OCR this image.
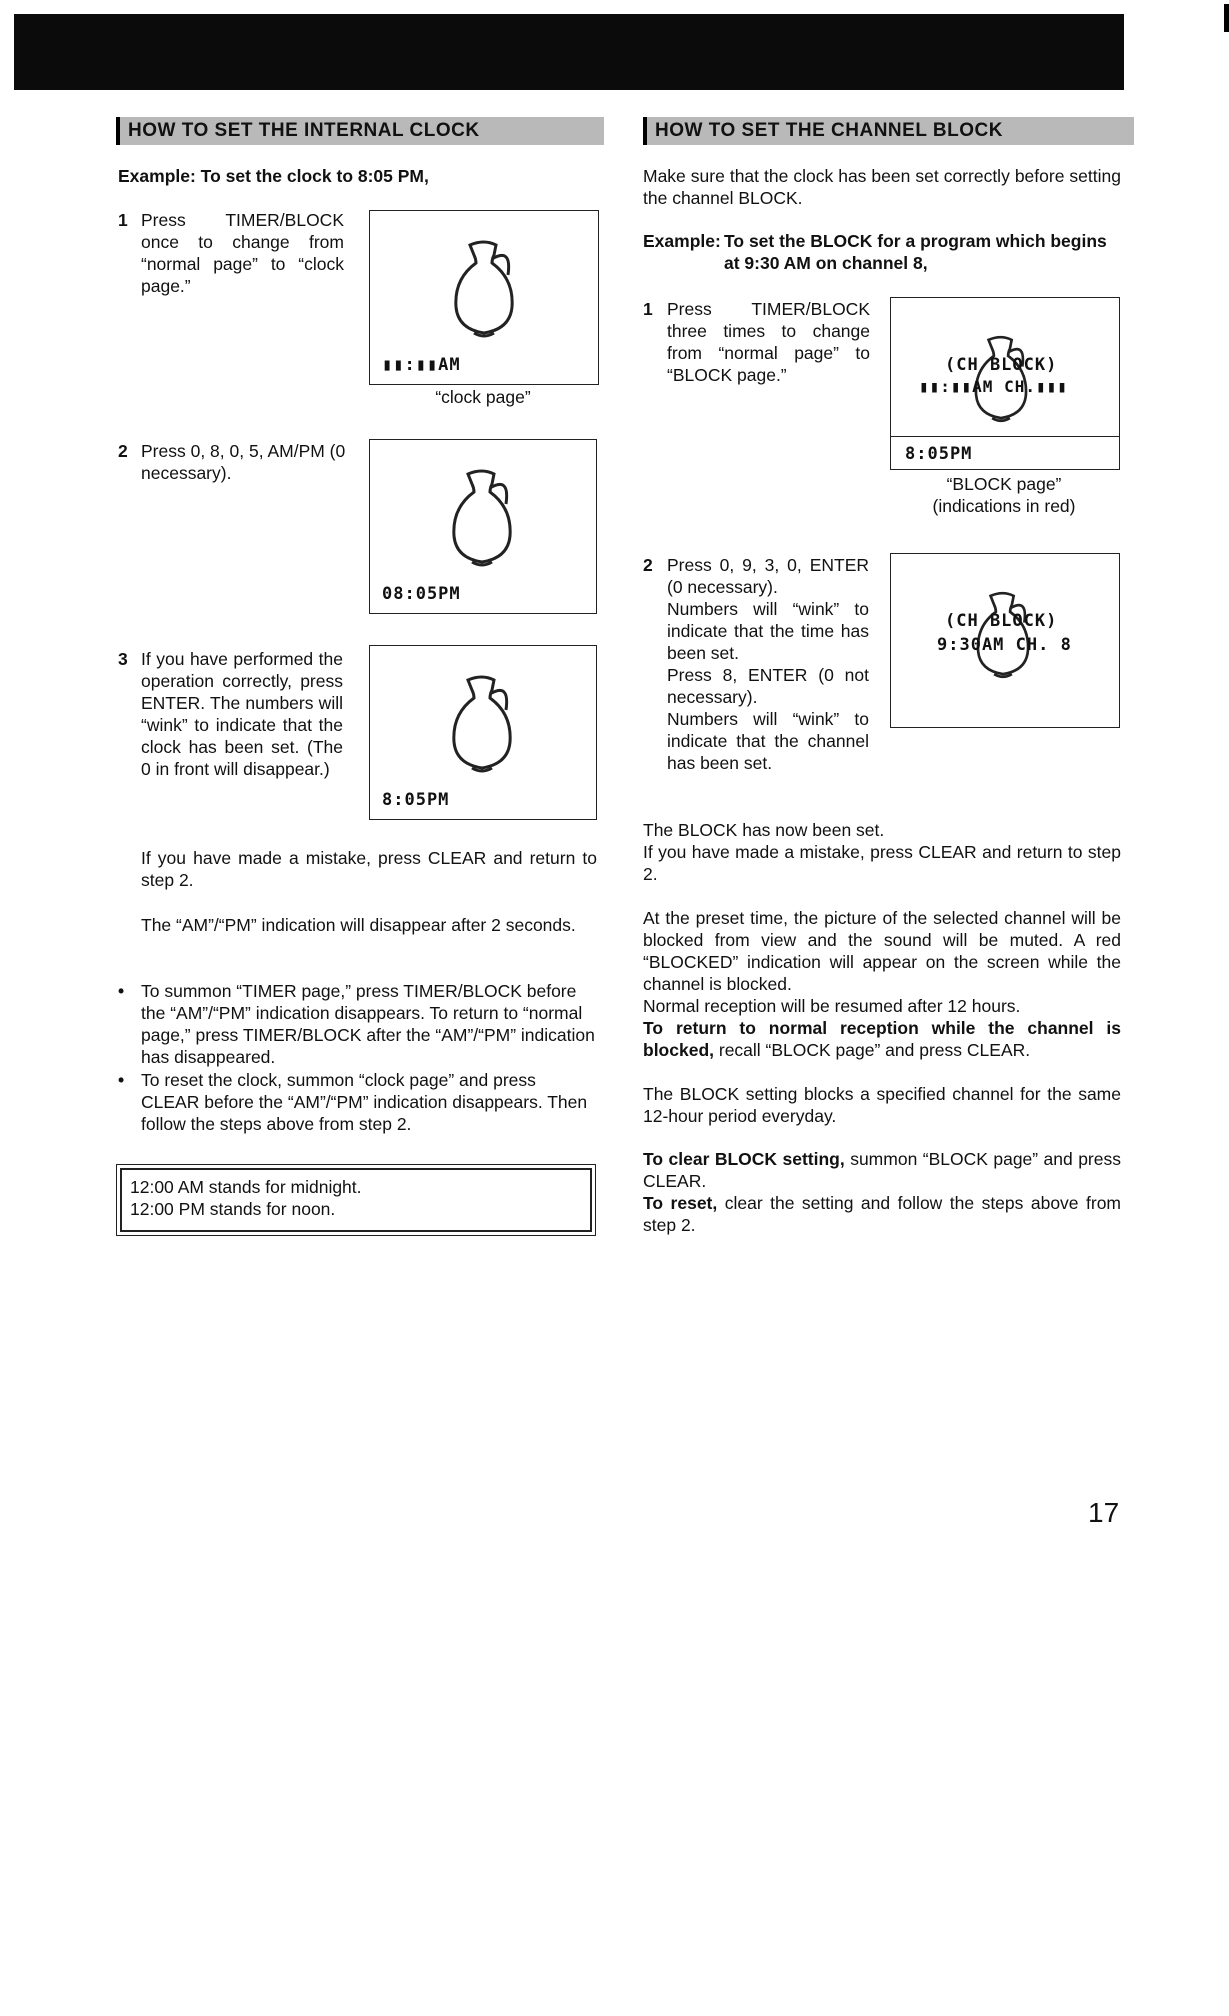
HOW TO SET THE INTERNAL CLOCK
Example: To set the clock to 8:05 PM,
1 Press TIMER/BLOCK once to change from “normal page” to “clock page.”
▮▮:▮▮AM
“clock page”
2 Press 0, 8, 0, 5, AM/PM (0 necessary).
08:05PM
3 If you have performed the operation correctly, press ENTER. The numbers will “wink” to indicate that the clock has been set. (The 0 in front will disappear.)
8:05PM
If you have made a mistake, press CLEAR and return to step 2.
The “AM”/“PM” indication will disappear after 2 seconds.
• To summon “TIMER page,” press TIMER/BLOCK before the “AM”/“PM” indication disappears. To return to “normal page,” press TIMER/BLOCK after the “AM”/“PM” indication has disappeared.
• To reset the clock, summon “clock page” and press CLEAR before the “AM”/“PM” indication disappears. Then follow the steps above from step 2.
12:00 AM stands for midnight.
12:00 PM stands for noon.
HOW TO SET THE CHANNEL BLOCK
Make sure that the clock has been set correctly before setting the channel BLOCK.
Example: To set the BLOCK for a program which begins at 9:30 AM on channel 8,
1 Press TIMER/BLOCK three times to change from “normal page” to “BLOCK page.”	(CH BLOCK)
▮▮:▮▮AM CH.▮▮▮
8:05PM
“BLOCK page”
(indications in red)
2 Press 0, 9, 3, 0, ENTER (0 necessary).
Numbers will “wink” to indicate that the time has been set.
Press 8, ENTER (0 not necessary).
Numbers will “wink” to indicate that the channel has been set.
(CH BLOCK)
9:30AM CH. 8
The BLOCK has now been set.
If you have made a mistake, press CLEAR and return to step 2.
At the preset time, the picture of the selected channel will be blocked from view and the sound will be muted. A red “BLOCKED” indication will appear on the screen while the channel is blocked.
Normal reception will be resumed after 12 hours.
To return to normal reception while the channel is blocked, recall “BLOCK page” and press CLEAR.
The BLOCK setting blocks a specified channel for the same 12-hour period everyday.
To clear BLOCK setting, summon “BLOCK page” and press CLEAR.
To reset, clear the setting and follow the steps above from step 2.
17
